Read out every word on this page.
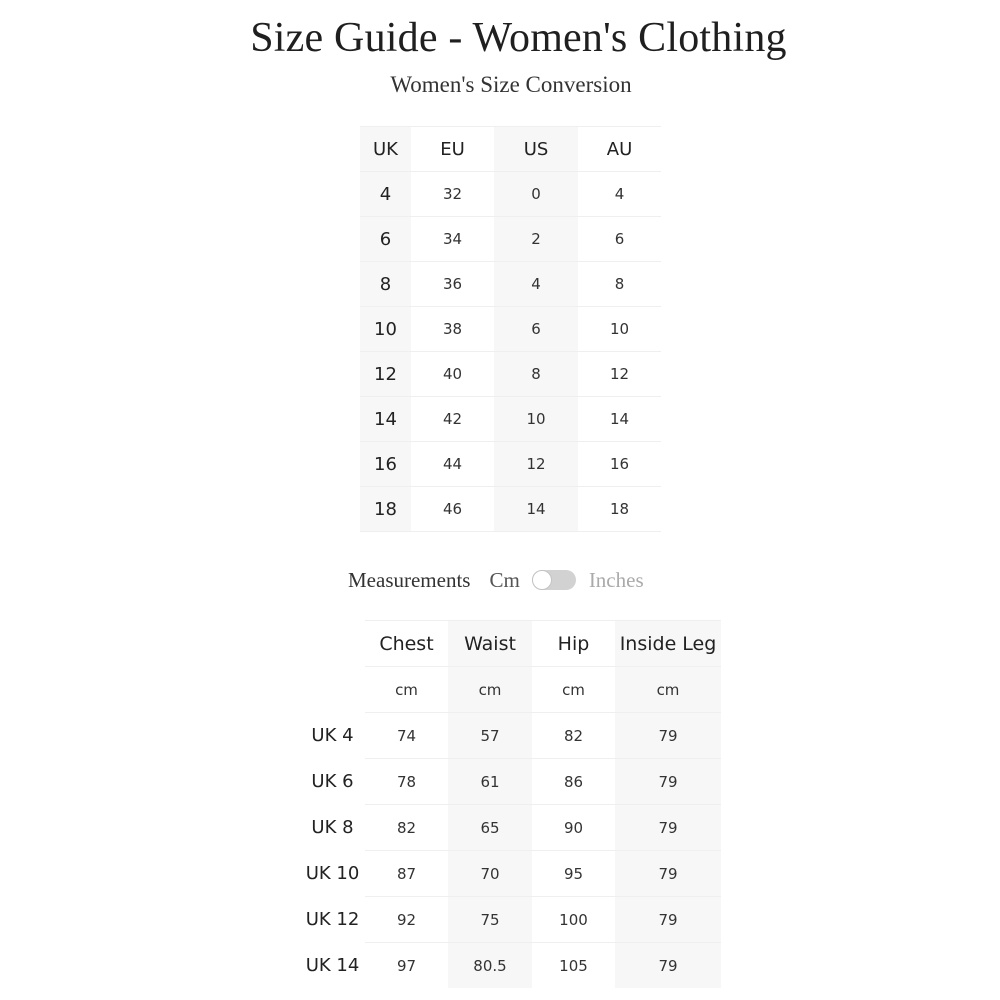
Size Guide - Women's Clothing
Women's Size Conversion
UK	EU	US	AU
4	32	0	4
6	34	2	6
8	36	4	8
10	38	6	10
12	40	8	12
14	42	10	14
16	44	12	16
18	46	14	18
Measurements Cm	Inches
	Chest	Waist	Hip	Inside Leg
	cm	cm	cm	cm
UK 4	74	57	82	79
UK 6	78	61	86	79
UK 8	82	65	90	79
UK 10	87	70	95	79
UK 12	92	75	100	79
UK 14	97	80.5	105	79
